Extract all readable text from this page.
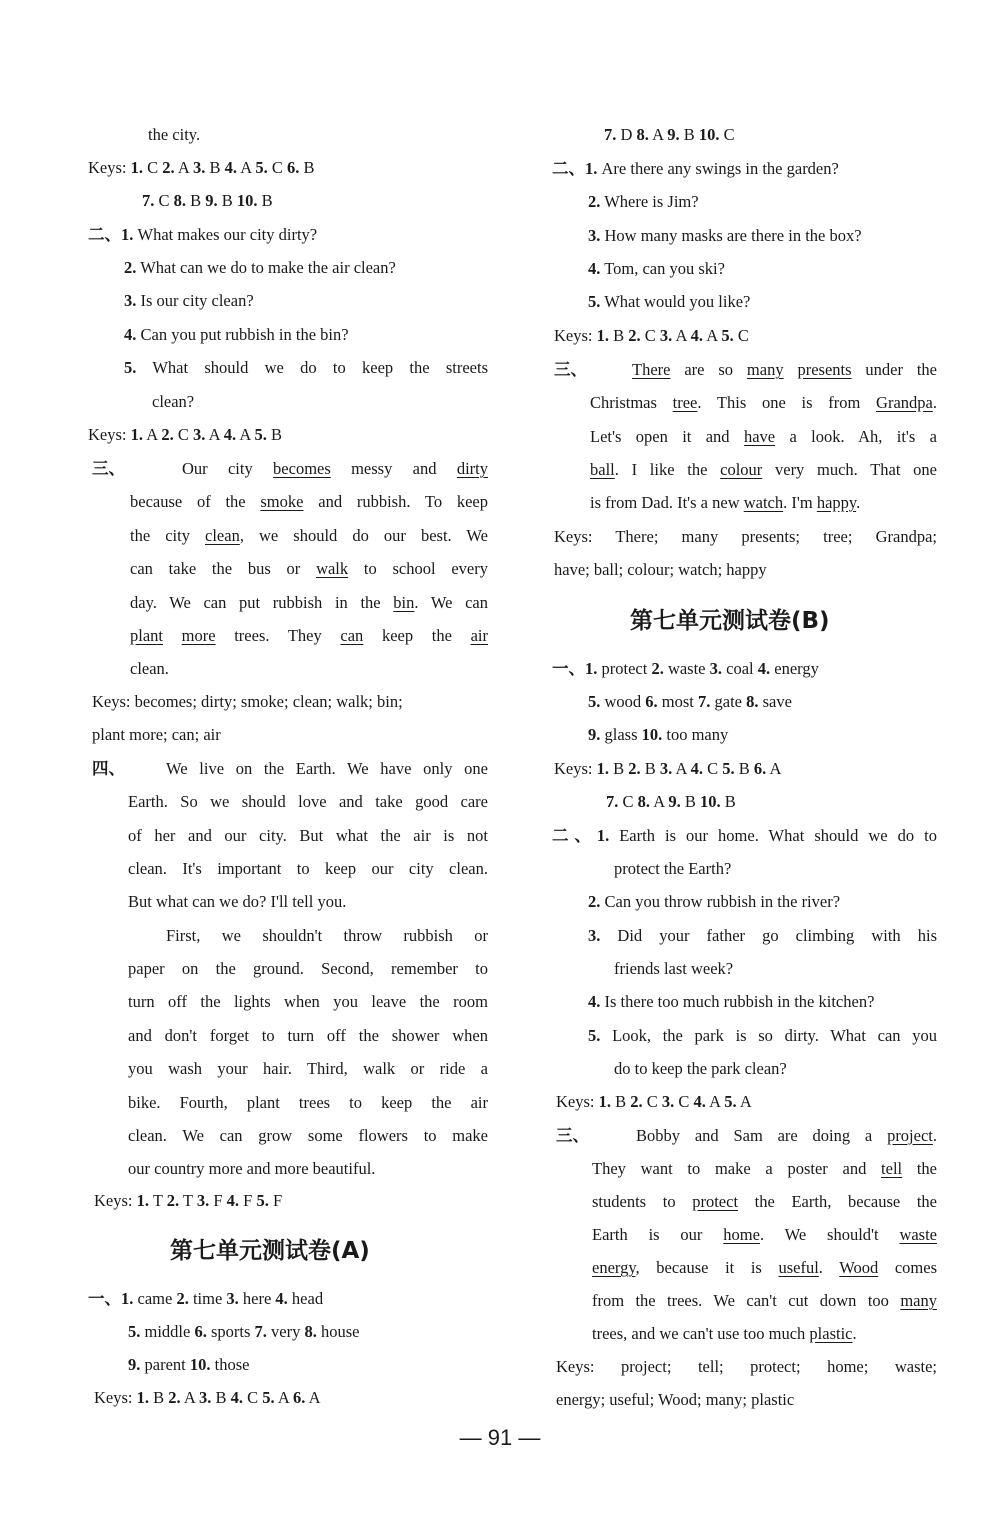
the city.
Keys: 1. C 2. A 3. B 4. A 5. C 6. B
7. C 8. B 9. B 10. B
二、1. What makes our city dirty?
2. What can we do to make the air clean?
3. Is our city clean?
4. Can you put rubbish in the bin?
5. What should we do to keep the streets
clean?
Keys: 1. A 2. C 3. A 4. A 5. B
三、	Our city becomes messy and dirty
because of the smoke and rubbish. To keep
the city clean, we should do our best. We
can take the bus or walk to school every
day. We can put rubbish in the bin. We can
plant more trees. They can keep the air
clean.
Keys: becomes; dirty; smoke; clean; walk; bin;
plant more; can; air
四、	We live on the Earth. We have only one
Earth. So we should love and take good care
of her and our city. But what the air is not
clean. It's important to keep our city clean.
But what can we do? I'll tell you.
First, we shouldn't throw rubbish or
paper on the ground. Second, remember to
turn off the lights when you leave the room
and don't forget to turn off the shower when
you wash your hair. Third, walk or ride a
bike. Fourth, plant trees to keep the air
clean. We can grow some flowers to make
our country more and more beautiful.
Keys: 1. T 2. T 3. F 4. F 5. F
一、1. came 2. time 3. here 4. head
5. middle 6. sports 7. very 8. house
9. parent 10. those
Keys: 1. B 2. A 3. B 4. C 5. A 6. A
7. D 8. A 9. B 10. C
二、1. Are there any swings in the garden?
2. Where is Jim?
3. How many masks are there in the box?
4. Tom, can you ski?
5. What would you like?
Keys: 1. B 2. C 3. A 4. A 5. C
三、	There are so many presents under the
Christmas tree. This one is from Grandpa.
Let's open it and have a look. Ah, it's a
ball. I like the colour very much. That one
is from Dad. It's a new watch. I'm happy.
Keys: There; many presents; tree; Grandpa;
have; ball; colour; watch; happy
一、1. protect 2. waste 3. coal 4. energy
5. wood 6. most 7. gate 8. save
9. glass 10. too many
Keys: 1. B 2. B 3. A 4. C 5. B 6. A
7. C 8. A 9. B 10. B
二、1. Earth is our home. What should we do to
protect the Earth?
2. Can you throw rubbish in the river?
3. Did your father go climbing with his
friends last week?
4. Is there too much rubbish in the kitchen?
5. Look, the park is so dirty. What can you
do to keep the park clean?
Keys: 1. B 2. C 3. C 4. A 5. A
三、	Bobby and Sam are doing a project.
They want to make a poster and tell the
students to protect the Earth, because the
Earth is our home. We should't waste
energy, because it is useful. Wood comes
from the trees. We can't cut down too many
trees, and we can't use too much plastic.
Keys: project; tell; protect; home; waste;
energy; useful; Wood; many; plastic
第七单元测试卷(A)
第七单元测试卷(B)
— 91 —
